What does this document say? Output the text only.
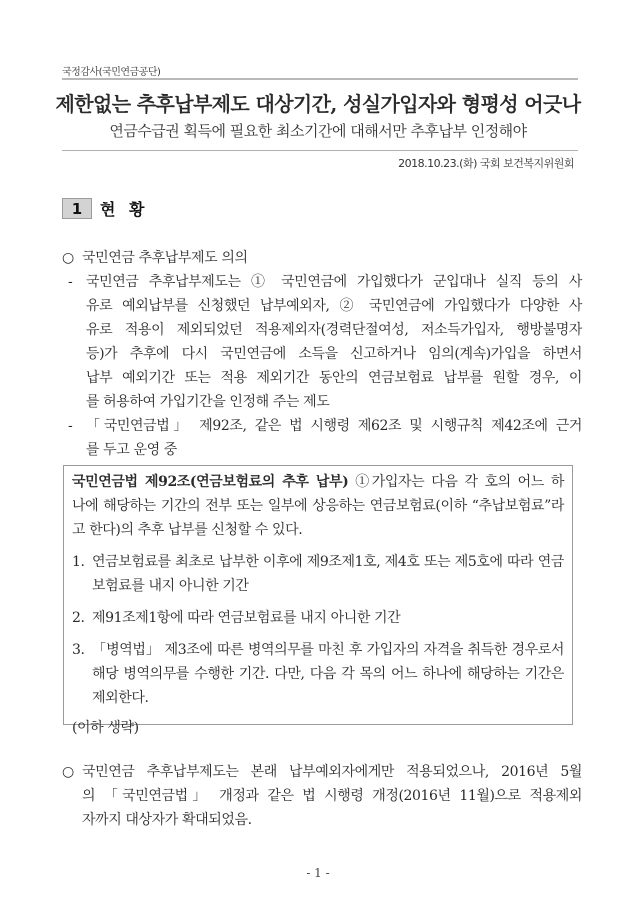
국정감사(국민연금공단)
제한없는 추후납부제도 대상기간, 성실가입자와 형평성 어긋나
연금수급권 획득에 필요한 최소기간에 대해서만 추후납부 인정해야
2018.10.23.(화) 국회 보건복지위원회
1	현 황
○ 국민연금 추후납부제도 의의
- 국민연금 추후납부제도는 ① 국민연금에 가입했다가 군입대나 실직 등의 사
유로 예외납부를 신청했던 납부예외자, ② 국민연금에 가입했다가 다양한 사
유로 적용이 제외되었던 적용제외자(경력단절여성, 저소득가입자, 행방불명자
등)가 추후에 다시 국민연금에 소득을 신고하거나 임의(계속)가입을 하면서
납부 예외기간 또는 적용 제외기간 동안의 연금보험료 납부를 원할 경우, 이
를 허용하여 가입기간을 인정해 주는 제도
- 「국민연금법」 제92조, 같은 법 시행령 제62조 및 시행규칙 제42조에 근거
를 두고 운영 중
국민연금법 제92조(연금보험료의 추후 납부) ①가입자는 다음 각 호의 어느 하
나에 해당하는 기간의 전부 또는 일부에 상응하는 연금보험료(이하 “추납보험료”라
고 한다)의 추후 납부를 신청할 수 있다.
1. 연금보험료를 최초로 납부한 이후에 제9조제1호, 제4호 또는 제5호에 따라 연금
보험료를 내지 아니한 기간
2. 제91조제1항에 따라 연금보험료를 내지 아니한 기간
3. 「병역법」 제3조에 따른 병역의무를 마친 후 가입자의 자격을 취득한 경우로서
해당 병역의무를 수행한 기간. 다만, 다음 각 목의 어느 하나에 해당하는 기간은
제외한다.
(이하 생략)
○ 국민연금 추후납부제도는 본래 납부예외자에게만 적용되었으나, 2016년 5월
의 「국민연금법」 개정과 같은 법 시행령 개정(2016년 11월)으로 적용제외
자까지 대상자가 확대되었음.
- 1 -
